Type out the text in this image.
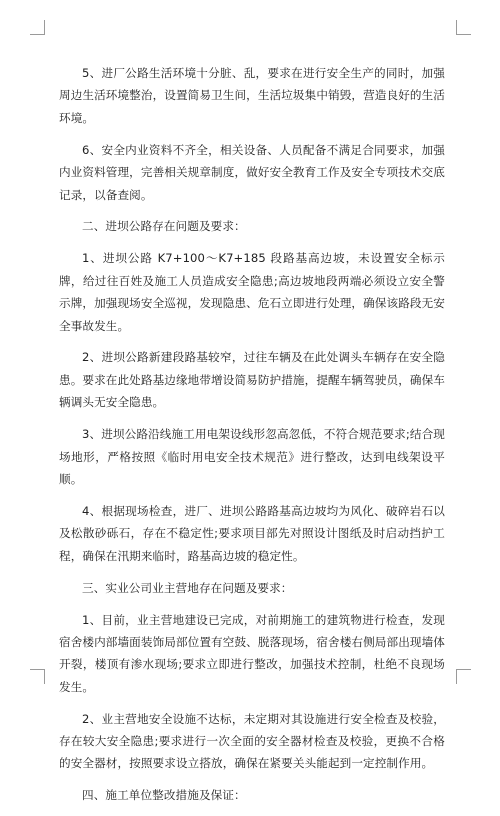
5、进厂公路生活环境十分脏、乱，要求在进行安全生产的同时，加强周边生活环境整治，设置简易卫生间，生活垃圾集中销毁，营造良好的生活环境。

6、安全内业资料不齐全，相关设备、人员配备不满足合同要求，加强内业资料管理，完善相关规章制度，做好安全教育工作及安全专项技术交底记录，以备查阅。

二、进坝公路存在问题及要求：

1、进坝公路 K7+100～K7+185 段路基高边坡，未设置安全标示牌，给过往百姓及施工人员造成安全隐患;高边坡地段两端必须设立安全警示牌，加强现场安全巡视，发现隐患、危石立即进行处理，确保该路段无安全事故发生。

2、进坝公路新建段路基较窄，过往车辆及在此处调头车辆存在安全隐患。要求在此处路基边缘地带增设简易防护措施，提醒车辆驾驶员，确保车辆调头无安全隐患。

3、进坝公路沿线施工用电架设线形忽高忽低，不符合规范要求;结合现场地形，严格按照《临时用电安全技术规范》进行整改，达到电线架设平顺。

4、根据现场检查，进厂、进坝公路路基高边坡均为风化、破碎岩石以及松散砂砾石，存在不稳定性;要求项目部先对照设计图纸及时启动挡护工程，确保在汛期来临时，路基高边坡的稳定性。

三、实业公司业主营地存在问题及要求：

1、目前，业主营地建设已完成，对前期施工的建筑物进行检查，发现宿舍楼内部墙面装饰局部位置有空鼓、脱落现场，宿舍楼右侧局部出现墙体开裂，楼顶有渗水现场;要求立即进行整改，加强技术控制，杜绝不良现场发生。

2、业主营地安全设施不达标，未定期对其设施进行安全检查及校验，存在较大安全隐患;要求进行一次全面的安全器材检查及校验，更换不合格的安全器材，按照要求设立搭放，确保在紧要关头能起到一定控制作用。

四、施工单位整改措施及保证：
